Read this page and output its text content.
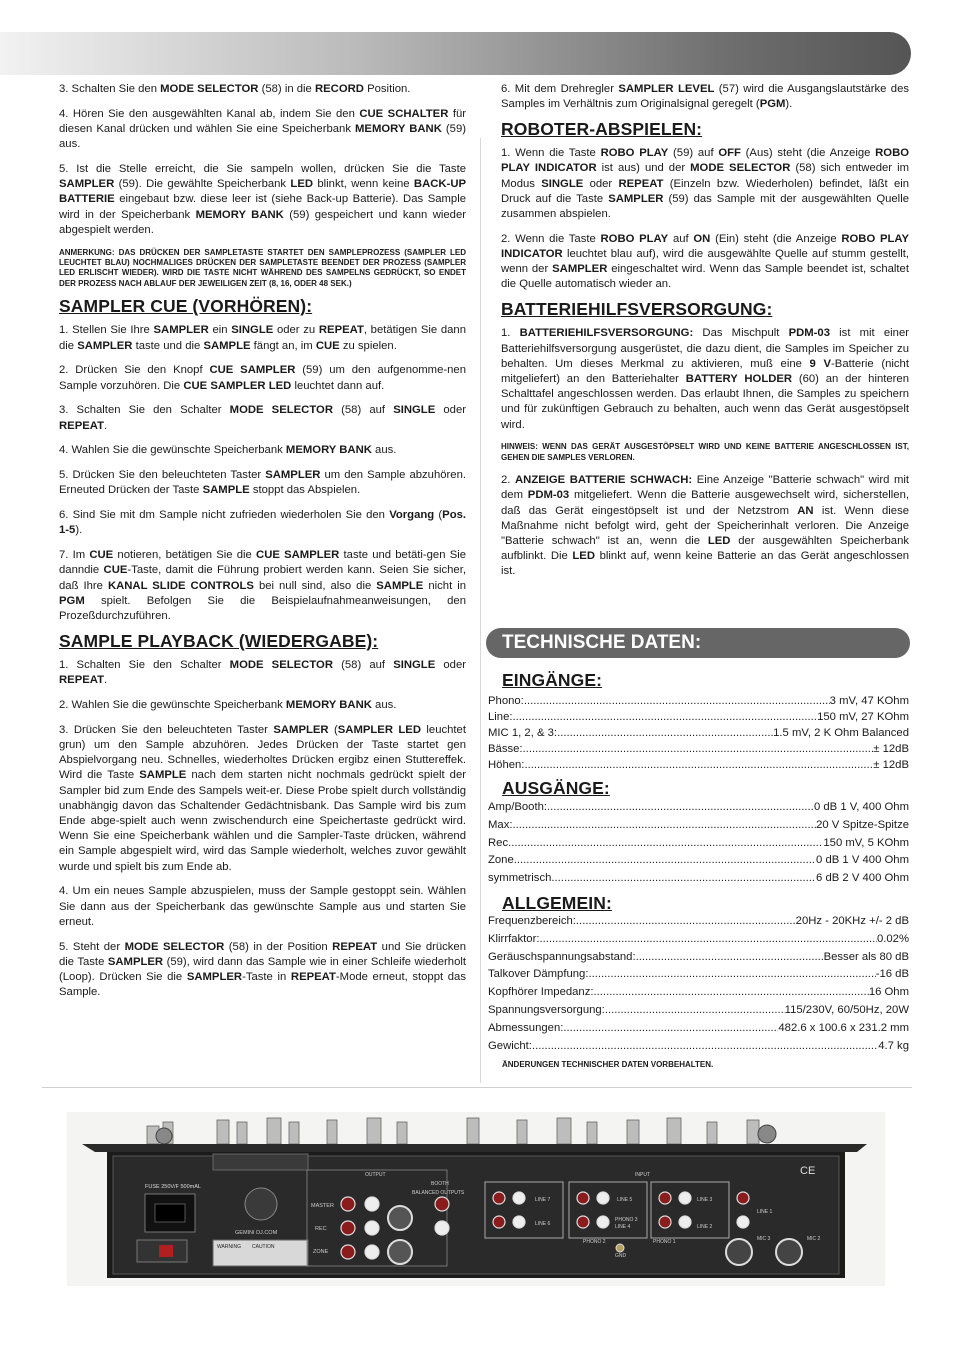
3. Schalten Sie den MODE SELECTOR (58) in die RECORD Position.

4. Hören Sie den ausgewählten Kanal ab, indem Sie den CUE SCHALTER für diesen Kanal drücken und wählen Sie eine Speicherbank MEMORY BANK (59) aus.

5. Ist die Stelle erreicht, die Sie sampeln wollen, drücken Sie die Taste SAMPLER (59). Die gewählte Speicherbank LED blinkt, wenn keine BACK-UP BATTERIE eingebaut bzw. diese leer ist (siehe Back-up Batterie). Das Sample wird in der Speicherbank MEMORY BANK (59) gespeichert und kann wieder abgespielt werden.

ANMERKUNG: DAS DRÜCKEN DER SAMPLETASTE STARTET DEN SAMPLEPROZESS (SAMPLER LED LEUCHTET BLAU) NOCHMALIGES DRÜCKEN DER SAMPLETASTE BEENDET DER PROZESS (SAMPLER LED ERLISCHT WIEDER). WIRD DIE TASTE NICHT WÄHREND DES SAMPELNS GEDRÜCKT, SO ENDET DER PROZESS NACH ABLAUF DER JEWEILIGEN ZEIT (8, 16, ODER 48 SEK.)

SAMPLER CUE (VORHÖREN):

1. Stellen Sie Ihre SAMPLER ein SINGLE oder zu REPEAT, betätigen Sie dann die SAMPLER taste und die SAMPLE fängt an, im CUE zu spielen.

2. Drücken Sie den Knopf CUE SAMPLER (59) um den aufgenomme-nen Sample vorzuhören. Die CUE SAMPLER LED leuchtet dann auf.

3. Schalten Sie den Schalter MODE SELECTOR (58) auf SINGLE oder REPEAT.

4. Wahlen Sie die gewünschte Speicherbank MEMORY BANK aus.

5. Drücken Sie den beleuchteten Taster SAMPLER um den Sample abzuhören. Erneuted Drücken der Taste SAMPLE stoppt das Abspielen.

6. Sind Sie mit dm Sample nicht zufrieden wiederholen Sie den Vorgang (Pos. 1-5).

7. Im CUE notieren, betätigen Sie die CUE SAMPLER taste und betäti-gen Sie danndie CUE-Taste, damit die Führung probiert werden kann. Seien Sie sicher, daß Ihre KANAL SLIDE CONTROLS bei null sind, also die SAMPLE nicht in PGM spielt. Befolgen Sie die Beispielaufnahmeanweisungen, den Prozeßdurchzuführen.

SAMPLE PLAYBACK (WIEDERGABE):

1. Schalten Sie den Schalter MODE SELECTOR (58) auf SINGLE oder REPEAT.

2. Wahlen Sie die gewünschte Speicherbank MEMORY BANK aus.

3. Drücken Sie den beleuchteten Taster SAMPLER (SAMPLER LED leuchtet grun) um den Sample abzuhören. Jedes Drücken der Taste startet gen Abspielvorgang neu. Schnelles, wiederholtes Drücken ergibz einen Stuttereffek. Wird die Taste SAMPLE nach dem starten nicht nochmals gedrückt spielt der Sampler bid zum Ende des Sampels weit-er. Diese Probe spielt durch vollständig unabhängig davon das Schaltender Gedächtnisbank. Das Sample wird bis zum Ende abge-spielt auch wenn zwischendurch eine Speichertaste gedrückt wird. Wenn Sie eine Speicherbank wählen und die Sampler-Taste drücken, während ein Sample abgespielt wird, wird das Sample wiederholt, welches zuvor gewählt wurde und spielt bis zum Ende ab.

4. Um ein neues Sample abzuspielen, muss der Sample gestoppt sein. Wählen Sie dann aus der Speicherbank das gewünschte Sample aus und starten Sie erneut.

5. Steht der MODE SELECTOR (58) in der Position REPEAT und Sie drücken die Taste SAMPLER (59), wird dann das Sample wie in einer Schleife wiederholt (Loop). Drücken Sie die SAMPLER-Taste in REPEAT-Mode erneut, stoppt das Sample.

6. Mit dem Drehregler SAMPLER LEVEL (57) wird die Ausgangslautstärke des Samples im Verhältnis zum Originalsignal geregelt (PGM).

ROBOTER-ABSPIELEN:

1. Wenn die Taste ROBO PLAY (59) auf OFF (Aus) steht (die Anzeige ROBO PLAY INDICATOR ist aus) und der MODE SELECTOR (58) sich entweder im Modus SINGLE oder REPEAT (Einzeln bzw. Wiederholen) befindet, läßt ein Druck auf die Taste SAMPLER (59) das Sample mit der ausgewählten Quelle zusammen abspielen.

2. Wenn die Taste ROBO PLAY auf ON (Ein) steht (die Anzeige ROBO PLAY INDICATOR leuchtet blau auf), wird die ausgewählte Quelle auf stumm gestellt, wenn der SAMPLER eingeschaltet wird. Wenn das Sample beendet ist, schaltet die Quelle automatisch wieder an.

BATTERIEHILFSVERSORGUNG:

1. BATTERIEHILFSVERSORGUNG: Das Mischpult PDM-03 ist mit einer Batteriehilfsversorgung ausgerüstet, die dazu dient, die Samples im Speicher zu behalten. Um dieses Merkmal zu aktivieren, muß eine 9 V-Batterie (nicht mitgeliefert) an den Batteriehalter BATTERY HOLDER (60) an der hinteren Schalttafel angeschlossen werden. Das erlaubt Ihnen, die Samples zu speichern und für zukünftigen Gebrauch zu behalten, auch wenn das Gerät ausgestöpselt wird.

HINWEIS: WENN DAS GERÄT AUSGESTÖPSELT WIRD UND KEINE BATTERIE ANGESCHLOSSEN IST, GEHEN DIE SAMPLES VERLOREN.

2. ANZEIGE BATTERIE SCHWACH: Eine Anzeige "Batterie schwach" wird mit dem PDM-03 mitgeliefert. Wenn die Batterie ausgewechselt wird, sicherstellen, daß das Gerät eingestöpselt ist und der Netzstrom AN ist. Wenn diese Maßnahme nicht befolgt wird, geht der Speicherinhalt verloren. Die Anzeige "Batterie schwach" ist an, wenn die LED der ausgewählten Speicherbank aufblinkt. Die LED blinkt auf, wenn keine Batterie an das Gerät angeschlossen ist.

TECHNISCHE DATEN:
EINGÄNGE:
Phono: .....	3 mV, 47 KOhm
Line: .....	150 mV, 27 KOhm
MIC 1, 2, & 3: .....	1.5 mV, 2 K Ohm Balanced
Bässe: .....	± 12dB
Höhen: .....	± 12dB
AUSGÄNGE:
Amp/Booth: .....	0 dB 1 V, 400 Ohm
Max: .....	20 V Spitze-Spitze
Rec .....	150 mV, 5 KOhm
Zone .....	0 dB 1 V 400 Ohm
symmetrisch .....	6 dB 2 V 400 Ohm
ALLGEMEIN:
Frequenzbereich: .....	20Hz - 20KHz +/- 2 dB
Klirrfaktor: .....	0.02%
Geräuschspannungsabstand: .....	Besser als 80 dB
Talkover Dämpfung: .....	-16 dB
Kopfhörer Impedanz: .....	16 Ohm
Spannungsversorgung: .....	115/230V, 60/50Hz, 20W
Abmessungen: .....	482.6 x 100.6 x 231.2 mm
Gewicht: .....	4.7 kg
ÄNDERUNGEN TECHNISCHER DATEN VORBEHALTEN.
GEMINI DJ.COM
FUSE 250V/F 500mAL
CAUTION
WARNING
OUTPUT
MASTER
REC
ZONE
BALANCED OUTPUTS
BOOTH
INPUT
LINE 7
LINE 6
LINE 5
PHONO 3
LINE 4
LINE 3
LINE 2
LINE 1
PHONO 1
PHONO 2
GND
MIC 3	MIC 2
CE
